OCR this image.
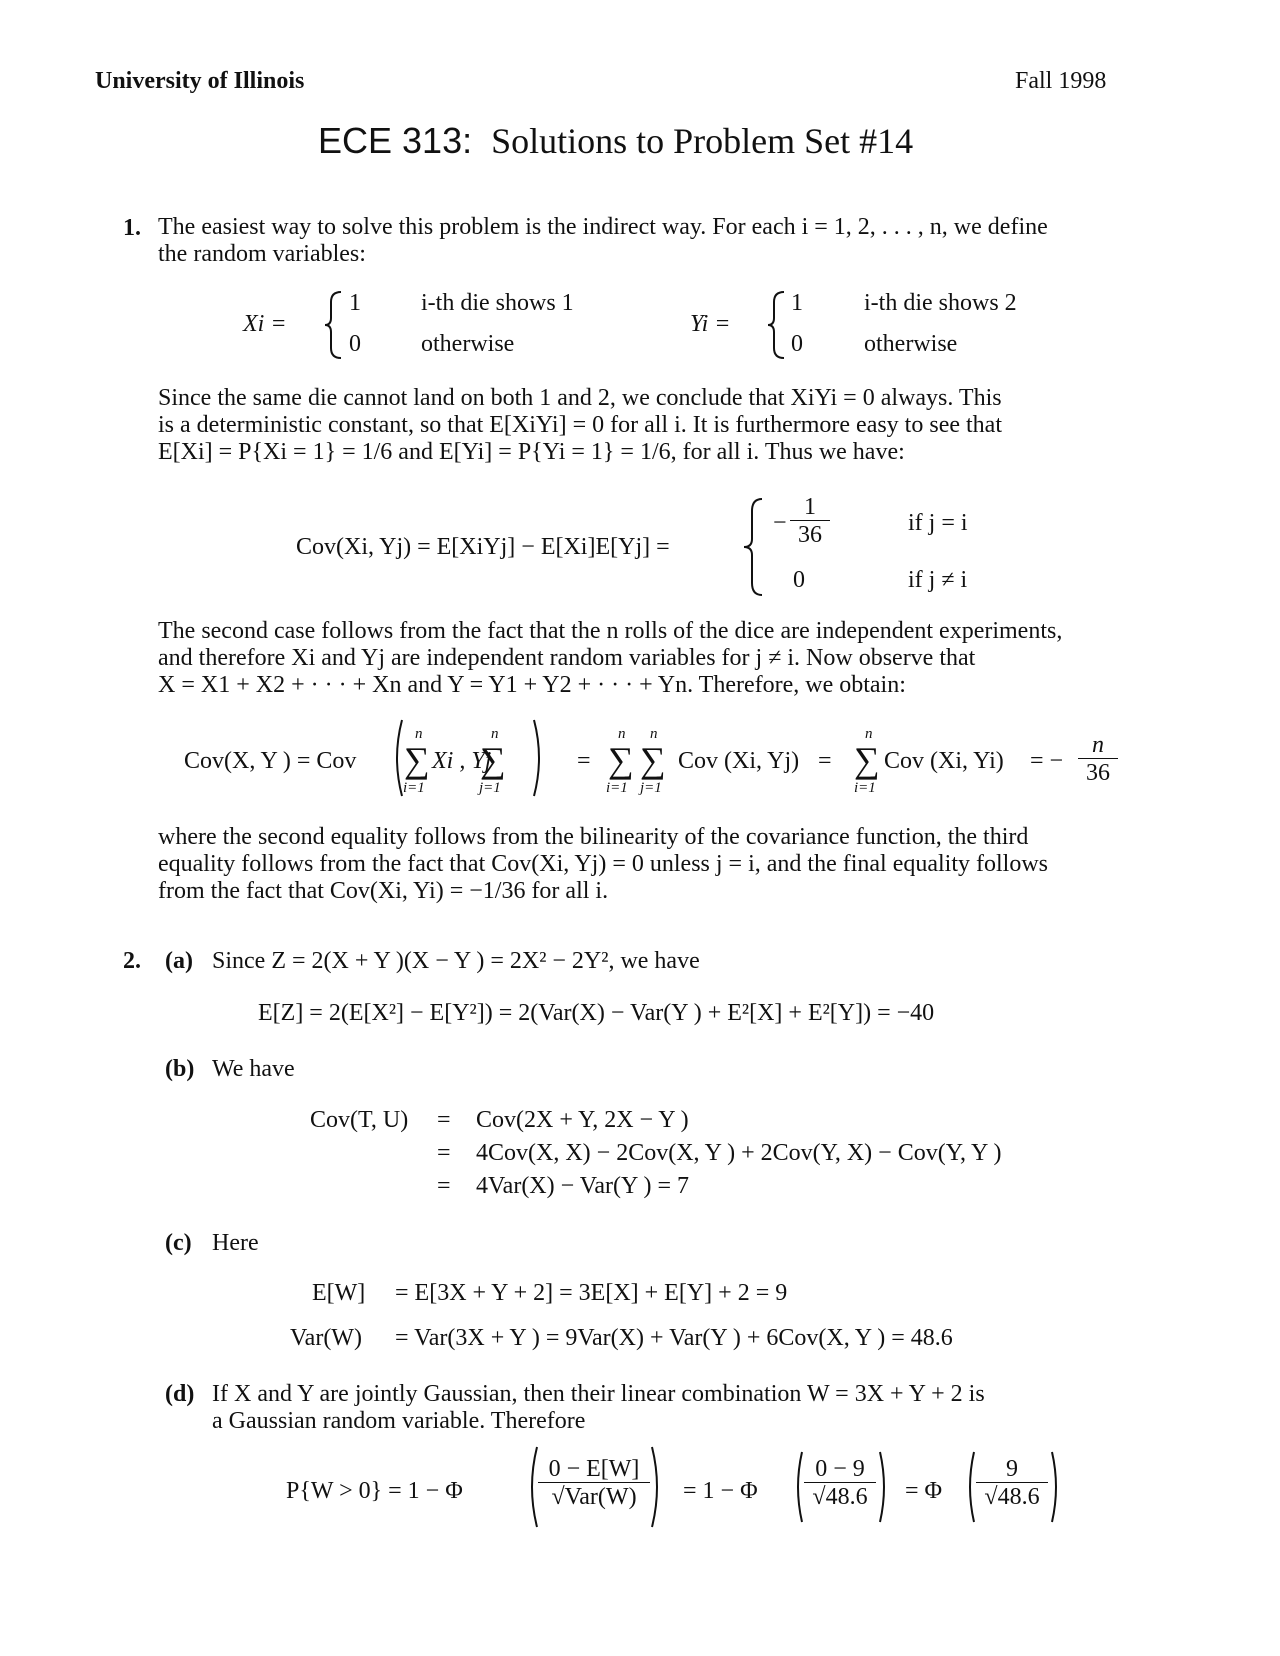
University of Illinois	Fall 1998
ECE 313: Solutions to Problem Set #14
1. The easiest way to solve this problem is the indirect way. For each i = 1, 2, . . . , n, we define
the random variables:
Xi =
1	i-th die shows 1
0	otherwise
Yi =
1	i-th die shows 2
0	otherwise
Since the same die cannot land on both 1 and 2, we conclude that XiYi = 0 always. This
is a deterministic constant, so that E[XiYi] = 0 for all i. It is furthermore easy to see that
E[Xi] = P{Xi = 1} = 1/6 and E[Yi] = P{Yi = 1} = 1/6, for all i. Thus we have:
Cov(Xi, Yj) = E[XiYj] − E[Xi]E[Yj] =
− $\frac{1}{36}$	if j = i
0	if j ≠ i
The second case follows from the fact that the n rolls of the dice are independent experiments,
and therefore Xi and Yj are independent random variables for j ≠ i. Now observe that
X = X1 + X2 + · · · + Xn and Y = Y1 + Y2 + · · · + Yn. Therefore, we obtain:
Cov(X, Y ) = Cov ∑
n
i=1
∑
n
j=1
Xi , Yj	= ∑
n
i=1
∑
n
j=1
Cov (Xi, Yj) = ∑
n
i=1
Cov (Xi, Yi) = − $\frac{n}{36}$
where the second equality follows from the bilinearity of the covariance function, the third
equality follows from the fact that Cov(Xi, Yj) = 0 unless j = i, and the final equality follows
from the fact that Cov(Xi, Yi) = −1/36 for all i.
2. (a) Since Z = 2(X + Y )(X − Y ) = 2X² − 2Y², we have
E[Z] = 2(E[X²] − E[Y²]) = 2(Var(X) − Var(Y ) + E²[X] + E²[Y]) = −40
(b) We have
Cov(T, U) = Cov(2X + Y, 2X − Y )
= 4Cov(X, X) − 2Cov(X, Y ) + 2Cov(Y, X) − Cov(Y, Y )
= 4Var(X) − Var(Y ) = 7
(c) Here
E[W] = E[3X + Y + 2] = 3E[X] + E[Y] + 2 = 9
Var(W) = Var(3X + Y ) = 9Var(X) + Var(Y ) + 6Cov(X, Y ) = 48.6
(d) If X and Y are jointly Gaussian, then their linear combination W = 3X + Y + 2 is
a Gaussian random variable. Therefore
P{W > 0} = 1 − Φ
0 − E[W]
√Var(W)	= 1 − Φ $\frac{0 - 9}{√48.6} = \Phi \frac{9}{√48.6}$
